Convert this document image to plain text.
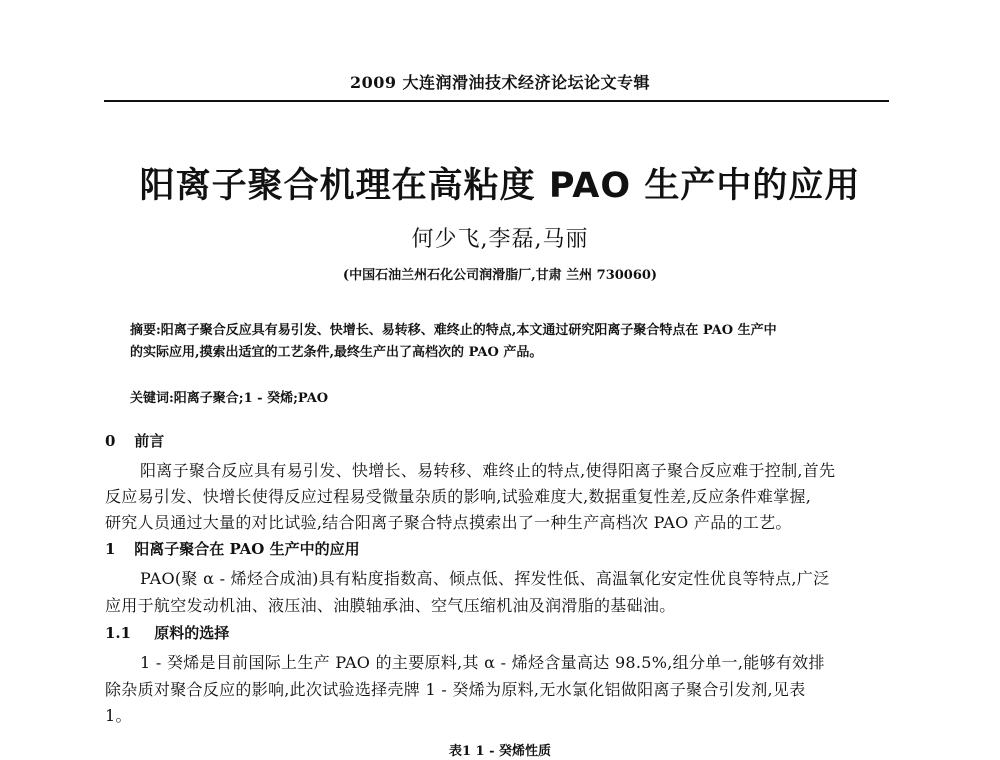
2009 大连润滑油技术经济论坛论文专辑
阳离子聚合机理在高粘度 PAO 生产中的应用
何少飞,李磊,马丽
(中国石油兰州石化公司润滑脂厂,甘肃 兰州 730060)
摘要:阳离子聚合反应具有易引发、快增长、易转移、难终止的特点,本文通过研究阳离子聚合特点在 PAO 生产中
的实际应用,摸索出适宜的工艺条件,最终生产出了高档次的 PAO 产品。
关键词:阳离子聚合;1 - 癸烯;PAO
0 前言
阳离子聚合反应具有易引发、快增长、易转移、难终止的特点,使得阳离子聚合反应难于控制,首先
反应易引发、快增长使得反应过程易受微量杂质的影响,试验难度大,数据重复性差,反应条件难掌握,
研究人员通过大量的对比试验,结合阳离子聚合特点摸索出了一种生产高档次 PAO 产品的工艺。
1 阳离子聚合在 PAO 生产中的应用
PAO(聚 α - 烯烃合成油)具有粘度指数高、倾点低、挥发性低、高温氧化安定性优良等特点,广泛
应用于航空发动机油、液压油、油膜轴承油、空气压缩机油及润滑脂的基础油。
1.1 原料的选择
1 - 癸烯是目前国际上生产 PAO 的主要原料,其 α - 烯烃含量高达 98.5%,组分单一,能够有效排
除杂质对聚合反应的影响,此次试验选择壳牌 1 - 癸烯为原料,无水氯化铝做阳离子聚合引发剂,见表
1。
表1 1 - 癸烯性质
